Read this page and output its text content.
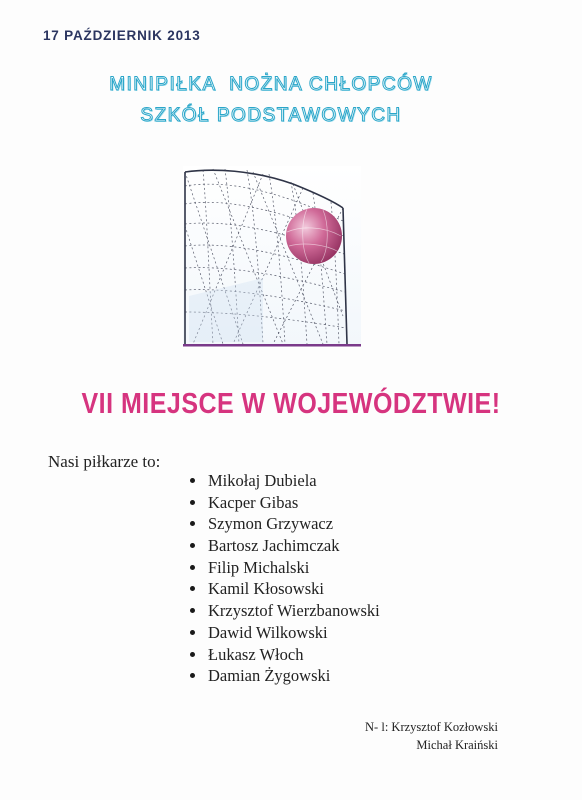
17 PAŹDZIERNIK 2013
MINIPIŁKA  NOŻNA CHŁOPCÓW
SZKÓŁ PODSTAWOWYCH
VII MIEJSCE W WOJEWÓDZTWIE!
Nasi piłkarze to:
Mikołaj Dubiela
Kacper Gibas
Szymon Grzywacz
Bartosz Jachimczak
Filip Michalski
Kamil Kłosowski
Krzysztof Wierzbanowski
Dawid Wilkowski
Łukasz Włoch
Damian Żygowski
N- l: Krzysztof Kozłowski
Michał Kraiński
